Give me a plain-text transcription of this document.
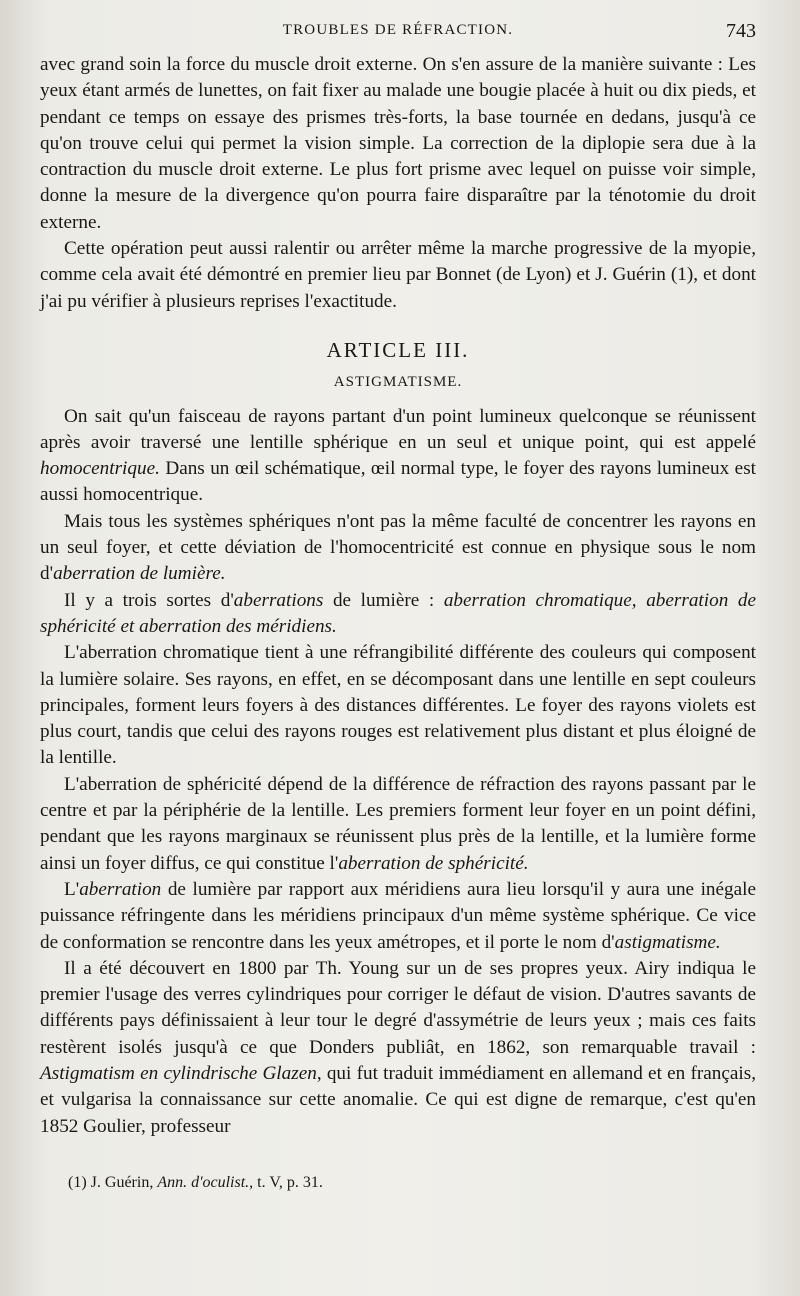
TROUBLES DE RÉFRACTION.	743

avec grand soin la force du muscle droit externe. On s'en assure de la manière suivante : Les yeux étant armés de lunettes, on fait fixer au malade une bougie placée à huit ou dix pieds, et pendant ce temps on essaye des prismes très-forts, la base tournée en dedans, jusqu'à ce qu'on trouve celui qui permet la vision simple. La correction de la diplopie sera due à la contraction du muscle droit externe. Le plus fort prisme avec lequel on puisse voir simple, donne la mesure de la divergence qu'on pourra faire disparaître par la ténotomie du droit externe.

Cette opération peut aussi ralentir ou arrêter même la marche progressive de la myopie, comme cela avait été démontré en premier lieu par Bonnet (de Lyon) et J. Guérin (1), et dont j'ai pu vérifier à plusieurs reprises l'exactitude.

ARTICLE III.
ASTIGMATISME.

On sait qu'un faisceau de rayons partant d'un point lumineux quelconque se réunissent après avoir traversé une lentille sphérique en un seul et unique point, qui est appelé homocentrique. Dans un œil schématique, œil normal type, le foyer des rayons lumineux est aussi homocentrique.

Mais tous les systèmes sphériques n'ont pas la même faculté de concentrer les rayons en un seul foyer, et cette déviation de l'homocentricité est connue en physique sous le nom d'aberration de lumière.

Il y a trois sortes d'aberrations de lumière : aberration chromatique, aberration de sphéricité et aberration des méridiens.

L'aberration chromatique tient à une réfrangibilité différente des couleurs qui composent la lumière solaire. Ses rayons, en effet, en se décomposant dans une lentille en sept couleurs principales, forment leurs foyers à des distances différentes. Le foyer des rayons violets est plus court, tandis que celui des rayons rouges est relativement plus distant et plus éloigné de la lentille.

L'aberration de sphéricité dépend de la différence de réfraction des rayons passant par le centre et par la périphérie de la lentille. Les premiers forment leur foyer en un point défini, pendant que les rayons marginaux se réunissent plus près de la lentille, et la lumière forme ainsi un foyer diffus, ce qui constitue l'aberration de sphéricité.

L'aberration de lumière par rapport aux méridiens aura lieu lorsqu'il y aura une inégale puissance réfringente dans les méridiens principaux d'un même système sphérique. Ce vice de conformation se rencontre dans les yeux amétropes, et il porte le nom d'astigmatisme.

Il a été découvert en 1800 par Th. Young sur un de ses propres yeux. Airy indiqua le premier l'usage des verres cylindriques pour corriger le défaut de vision. D'autres savants de différents pays définissaient à leur tour le degré d'assymétrie de leurs yeux ; mais ces faits restèrent isolés jusqu'à ce que Donders publiât, en 1862, son remarquable travail : Astigmatism en cylindrische Glazen, qui fut traduit immédiament en allemand et en français, et vulgarisa la connaissance sur cette anomalie. Ce qui est digne de remarque, c'est qu'en 1852 Goulier, professeur

(1) J. Guérin, Ann. d'oculist., t. V, p. 31.
